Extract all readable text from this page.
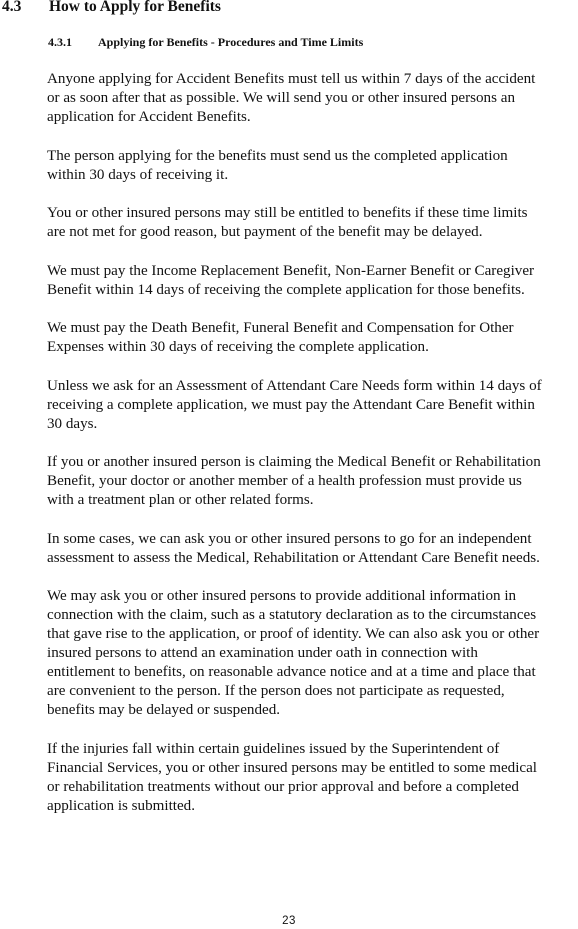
4.3 How to Apply for Benefits
4.3.1 Applying for Benefits - Procedures and Time Limits

Anyone applying for Accident Benefits must tell us within 7 days of the accident
or as soon after that as possible. We will send you or other insured persons an
application for Accident Benefits.

The person applying for the benefits must send us the completed application
within 30 days of receiving it.

You or other insured persons may still be entitled to benefits if these time limits
are not met for good reason, but payment of the benefit may be delayed.

We must pay the Income Replacement Benefit, Non-Earner Benefit or Caregiver
Benefit within 14 days of receiving the complete application for those benefits.

We must pay the Death Benefit, Funeral Benefit and Compensation for Other
Expenses within 30 days of receiving the complete application.

Unless we ask for an Assessment of Attendant Care Needs form within 14 days of
receiving a complete application, we must pay the Attendant Care Benefit within
30 days.

If you or another insured person is claiming the Medical Benefit or Rehabilitation
Benefit, your doctor or another member of a health profession must provide us
with a treatment plan or other related forms.

In some cases, we can ask you or other insured persons to go for an independent
assessment to assess the Medical, Rehabilitation or Attendant Care Benefit needs.

We may ask you or other insured persons to provide additional information in
connection with the claim, such as a statutory declaration as to the circumstances
that gave rise to the application, or proof of identity. We can also ask you or other
insured persons to attend an examination under oath in connection with
entitlement to benefits, on reasonable advance notice and at a time and place that
are convenient to the person. If the person does not participate as requested,
benefits may be delayed or suspended.

If the injuries fall within certain guidelines issued by the Superintendent of
Financial Services, you or other insured persons may be entitled to some medical
or rehabilitation treatments without our prior approval and before a completed
application is submitted.

23
